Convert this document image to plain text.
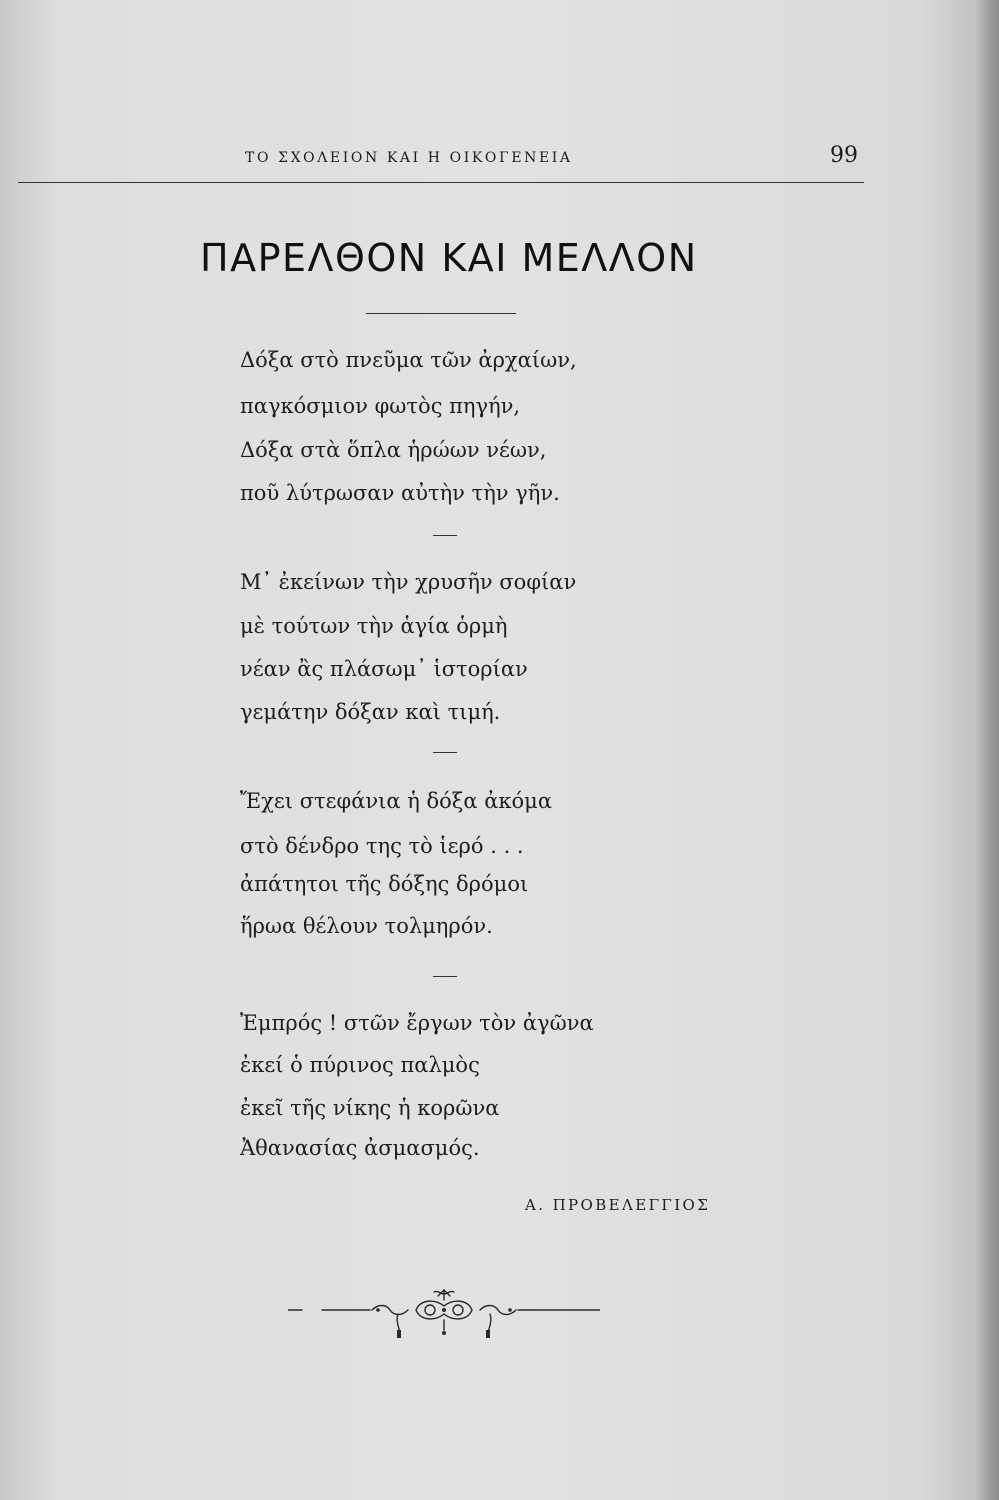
ΤΟ ΣΧΟΛΕΙΟΝ ΚΑΙ Η ΟΙΚΟΓΕΝΕΙΑ	99
ΠΑΡΕΛΘΟΝ ΚΑΙ ΜΕΛΛΟΝ
Δόξα στὸ πνεῦμα τῶν ἀρχαίων,
παγκόσμιον φωτὸς πηγήν,
Δόξα στὰ ὅπλα ἡρώων νέων,
ποῦ λύτρωσαν αὐτὴν τὴν γῆν.
Μ᾿ ἐκείνων τὴν χρυσῆν σοφίαν
μὲ τούτων τὴν ἁγία ὁρμὴ
νέαν ἂς πλάσωμ᾿ ἱστορίαν
γεμάτην δόξαν καὶ τιμή.
Ἔχει στεφάνια ἡ δόξα ἀκόμα
στὸ δένδρο της τὸ ἱερό . . .
ἀπάτητοι τῆς δόξης δρόμοι
ἥρωα θέλουν τολμηρόν.
Ἐμπρός ! στῶν ἔργων τὸν ἀγῶνα
ἐκεί ὁ πύρινος παλμὸς
ἐκεῖ τῆς νίκης ἡ κορῶνα
Ἀθανασίας ἀσμασμός.
Α. ΠΡΟΒΕΛΕΓΓΙΟΣ
